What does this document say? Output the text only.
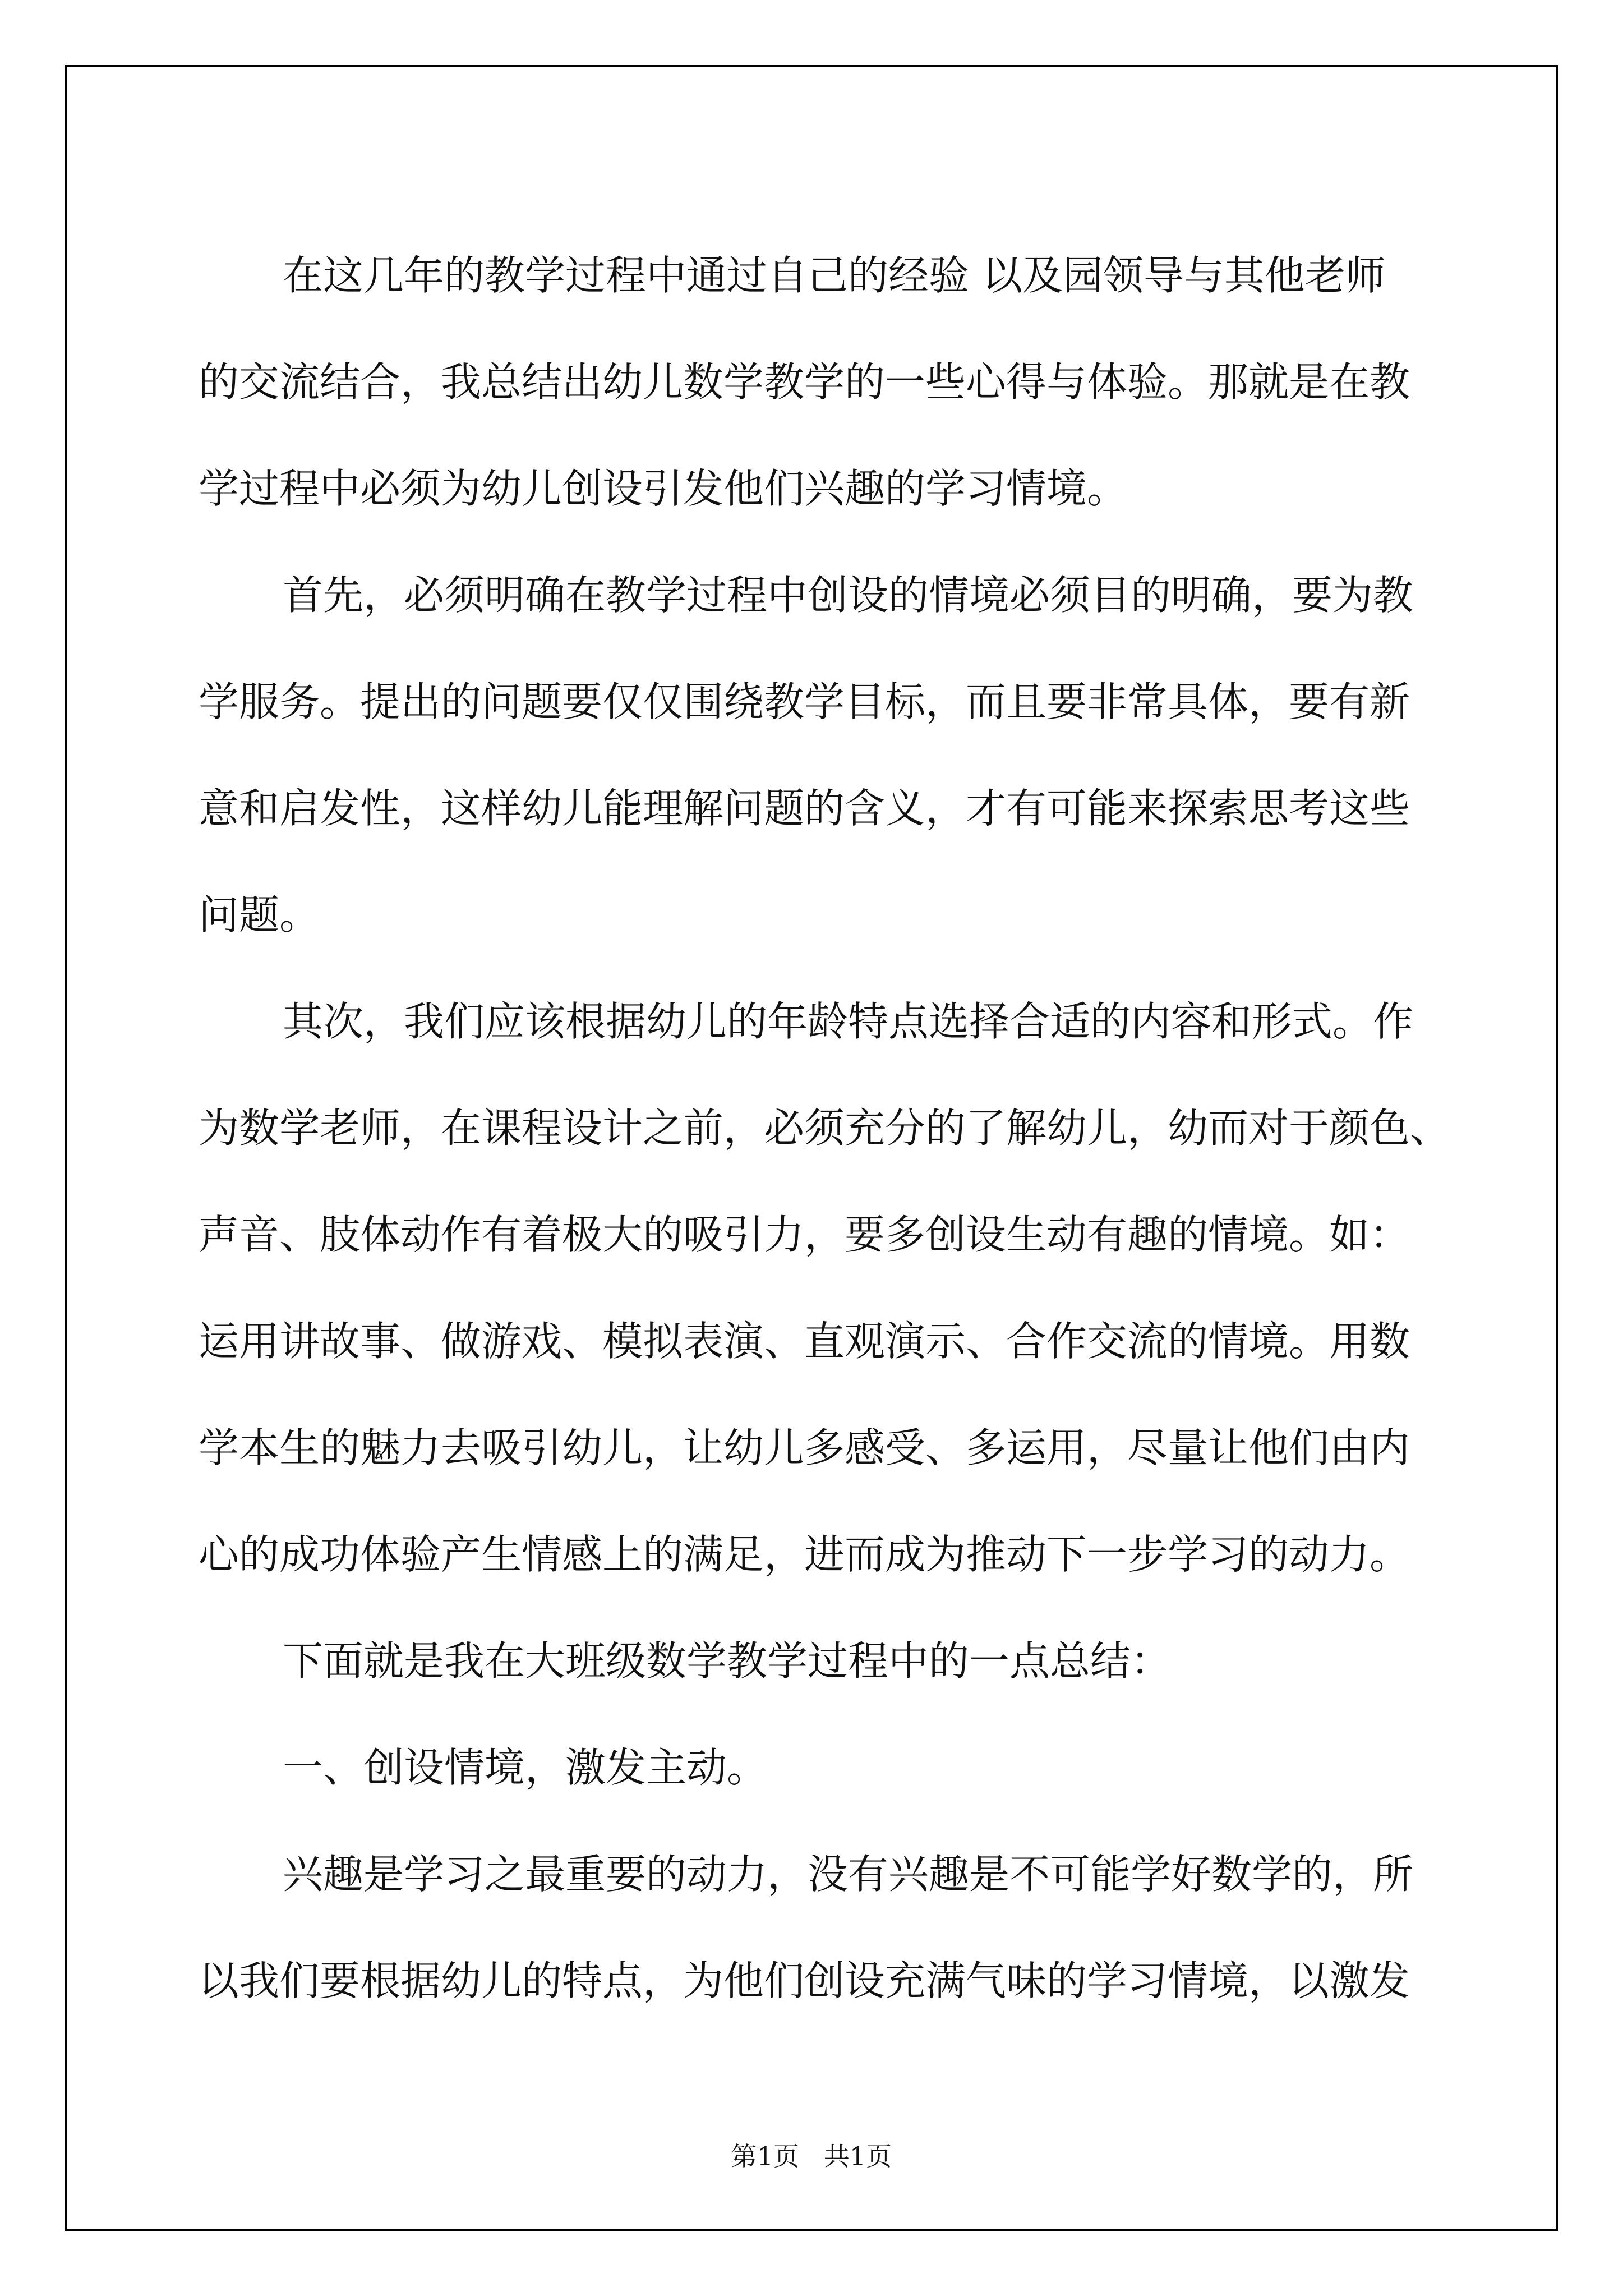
在这几年的教学过程中通过自己的经验 以及园领导与其他老师
的交流结合，我总结出幼儿数学教学的一些心得与体验。那就是在教
学过程中必须为幼儿创设引发他们兴趣的学习情境。
首先，必须明确在教学过程中创设的情境必须目的明确，要为教
学服务。提出的问题要仅仅围绕教学目标，而且要非常具体，要有新
意和启发性，这样幼儿能理解问题的含义，才有可能来探索思考这些
问题。
其次，我们应该根据幼儿的年龄特点选择合适的内容和形式。作
为数学老师，在课程设计之前，必须充分的了解幼儿，幼而对于颜色、
声音、肢体动作有着极大的吸引力，要多创设生动有趣的情境。如：
运用讲故事、做游戏、模拟表演、直观演示、合作交流的情境。用数
学本生的魅力去吸引幼儿，让幼儿多感受、多运用，尽量让他们由内
心的成功体验产生情感上的满足，进而成为推动下一步学习的动力。
下面就是我在大班级数学教学过程中的一点总结：
一、创设情境，激发主动。
兴趣是学习之最重要的动力，没有兴趣是不可能学好数学的，所
以我们要根据幼儿的特点，为他们创设充满气味的学习情境，以激发
第1页   共1页
